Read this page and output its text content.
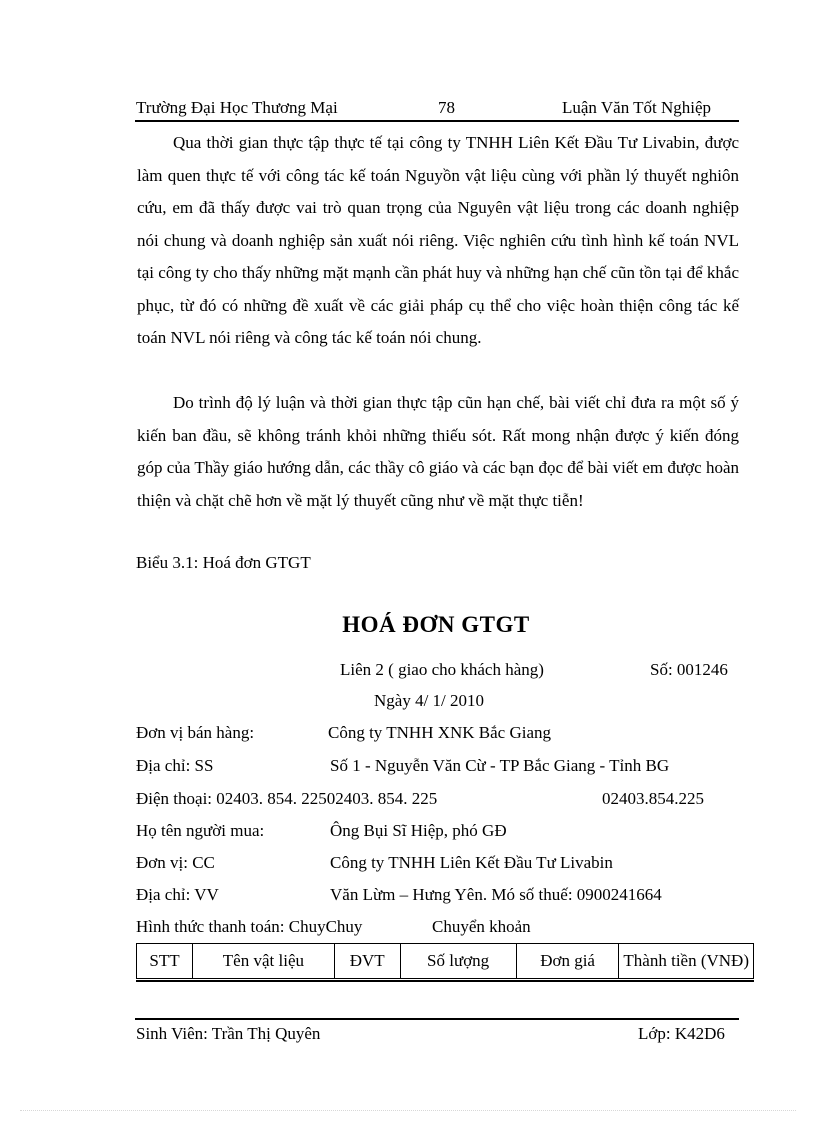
Trường Đại Học Thương Mại	78	Luận Văn Tốt Nghiệp

Qua thời gian thực tập thực tế tại công ty TNHH Liên Kết Đầu Tư Livabin, được làm quen thực tế với công tác kế toán Nguyồn vật liệu cùng với phần lý thuyết nghiôn cứu, em đã thấy được vai trò quan trọng của Nguyên vật liệu trong các doanh nghiệp nói chung và doanh nghiệp sản xuất nói riêng. Việc nghiên cứu tình hình kế toán NVL tại công ty cho thấy những mặt mạnh cần phát huy và những hạn chế cũn tồn tại để khắc phục, từ đó có những đề xuất về các giải pháp cụ thể cho việc hoàn thiện công tác kế toán NVL nói riêng và công tác kế toán nói chung.

Do trình độ lý luận và thời gian thực tập cũn hạn chế, bài viết chỉ đưa ra một số ý kiến ban đầu, sẽ không tránh khỏi những thiếu sót. Rất mong nhận được ý kiến đóng góp của Thầy giáo hướng dẫn, các thầy cô giáo và các bạn đọc để bài viết em được hoàn thiện và chặt chẽ hơn về mặt lý thuyết cũng như về mặt thực tiễn!

Biểu 3.1: Hoá đơn GTGT
HOÁ ĐƠN GTGT
Liên 2 ( giao cho khách hàng)	Số: 001246
Ngày 4/ 1/ 2010
Đơn vị bán hàng:	Công ty TNHH XNK Bắc Giang
Địa chỉ: SS	Số 1 - Nguyễn Văn Cừ - TP Bắc Giang - Tỉnh BG
Điện thoại: 02403. 854. 22502403. 854. 225	02403.854.225
Họ tên người mua:	Ông Bụi Sĩ Hiệp, phó GĐ
Đơn vị: CC	Công ty TNHH Liên Kết Đầu Tư Livabin
Địa chỉ: VV	Văn Lừm – Hưng Yên. Mó số thuế: 0900241664
Hình thức thanh toán: ChuyChuy	Chuyển khoản
STT	Tên vật liệu	ĐVT	Số lượng	Đơn giá	Thành tiền (VNĐ)
Sinh Viên: Trần Thị Quyên	Lớp: K42D6
